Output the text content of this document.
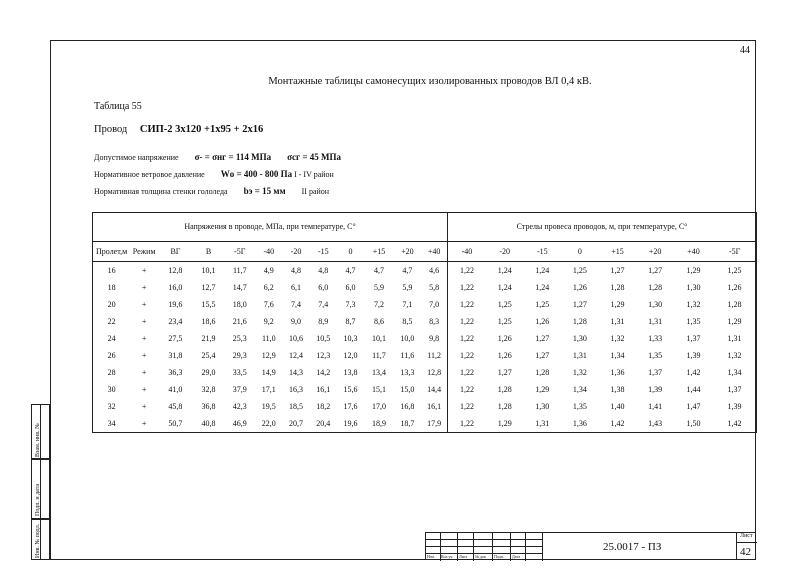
44
Монтажные таблицы самонесущих изолированных проводов ВЛ 0,4 кВ.
Таблица 55
Провод СИП-2 3х120 +1х95 + 2х16
Допустимое напряжение σ- = σнг = 114 МПа σсг = 45 МПа
Нормативное ветровое давление Wо = 400 - 800 Па I - IV район
Нормативная толщина стенки гололеда bэ = 15 мм II район
Напряжения в проводе, МПа, при температуре, С°												Стрелы провеса проводов, м, при температуре, С°							
Пролет,м	Режим	ВГ	В	-5Г	-40	-20	-15	0	+15	+20	+40	-40	-20	-15	0	+15	+20	+40	-5Г
16	+	12,8	10,1	11,7	4,9	4,8	4,8	4,7	4,7	4,7	4,6	1,22	1,24	1,24	1,25	1,27	1,27	1,29	1,25
18	+	16,0	12,7	14,7	6,2	6,1	6,0	6,0	5,9	5,9	5,8	1,22	1,24	1,24	1,26	1,28	1,28	1,30	1,26
20	+	19,6	15,5	18,0	7,6	7,4	7,4	7,3	7,2	7,1	7,0	1,22	1,25	1,25	1,27	1,29	1,30	1,32	1,28
22	+	23,4	18,6	21,6	9,2	9,0	8,9	8,7	8,6	8,5	8,3	1,22	1,25	1,26	1,28	1,31	1,31	1,35	1,29
24	+	27,5	21,9	25,3	11,0	10,6	10,5	10,3	10,1	10,0	9,8	1,22	1,26	1,27	1,30	1,32	1,33	1,37	1,31
26	+	31,8	25,4	29,3	12,9	12,4	12,3	12,0	11,7	11,6	11,2	1,22	1,26	1,27	1,31	1,34	1,35	1,39	1,32
28	+	36,3	29,0	33,5	14,9	14,3	14,2	13,8	13,4	13,3	12,8	1,22	1,27	1,28	1,32	1,36	1,37	1,42	1,34
30	+	41,0	32,8	37,9	17,1	16,3	16,1	15,6	15,1	15,0	14,4	1,22	1,28	1,29	1,34	1,38	1,39	1,44	1,37
32	+	45,8	36,8	42,3	19,5	18,5	18,2	17,6	17,0	16,8	16,1	1,22	1,28	1,30	1,35	1,40	1,41	1,47	1,39
34	+	50,7	40,8	46,9	22,0	20,7	20,4	19,6	18,9	18,7	17,9	1,22	1,29	1,31	1,36	1,42	1,43	1,50	1,42
Взам. инв. №
Подп. и дата
Инв. № подл.	Изм. Кол.уч. Лист № док. Подп. Дата
25.0017 - ПЗ
Лист
42
